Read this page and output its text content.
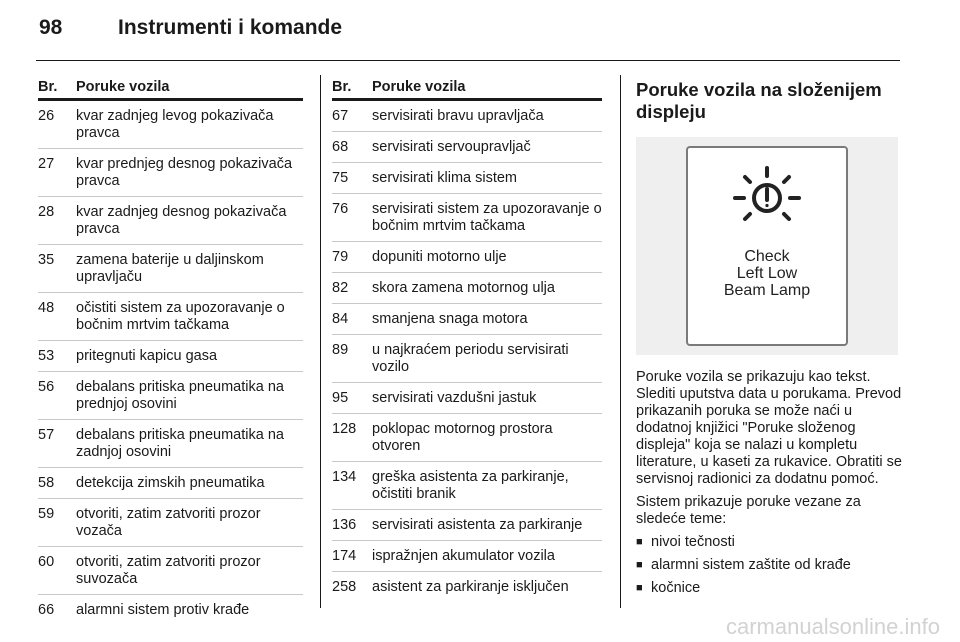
98	Instrumenti i komande
Br.	Poruke vozila
26	kvar zadnjeg levog pokazivača pravca
27	kvar prednjeg desnog pokazivača pravca
28	kvar zadnjeg desnog pokazivača pravca
35	zamena baterije u daljinskom upravljaču
48	očistiti sistem za upozoravanje o bočnim mrtvim tačkama
53	pritegnuti kapicu gasa
56	debalans pritiska pneumatika na prednjoj osovini
57	debalans pritiska pneumatika na zadnjoj osovini
58	detekcija zimskih pneumatika
59	otvoriti, zatim zatvoriti prozor vozača
60	otvoriti, zatim zatvoriti prozor suvozača
66	alarmni sistem protiv krađe
Br.	Poruke vozila
67	servisirati bravu upravljača
68	servisirati servoupravljač
75	servisirati klima sistem
76	servisirati sistem za upozoravanje o bočnim mrtvim tačkama
79	dopuniti motorno ulje
82	skora zamena motornog ulja
84	smanjena snaga motora
89	u najkraćem periodu servisirati vozilo
95	servisirati vazdušni jastuk
128	poklopac motornog prostora otvoren
134	greška asistenta za parkiranje, očistiti branik
136	servisirati asistenta za parkiranje
174	ispražnjen akumulator vozila
258	asistent za parkiranje isključen
Poruke vozila na složenijem displeju
Check
Left Low
Beam Lamp

Poruke vozila se prikazuju kao tekst. Slediti uputstva data u porukama. Prevod prikazanih poruka se može naći u dodatnoj knjižici "Poruke složenog displeja" koja se nalazi u kompletu literature, u kaseti za rukavice. Obratiti se servisnoj radionici za dodatnu pomoć.

Sistem prikazuje poruke vezane za sledeće teme:

■ nivoi tečnosti
■ alarmni sistem zaštite od krađe
■ kočnice
carmanualsonline.info
